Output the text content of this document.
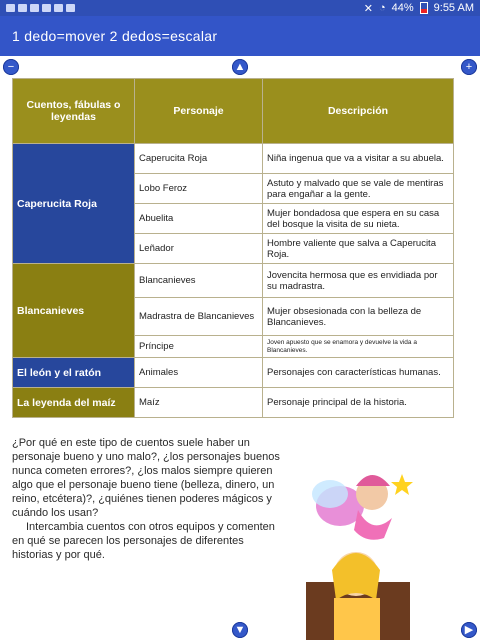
✕ ◔ 44% 9:55 AM
1 dedo=mover 2 dedos=escalar
−	▲	+
Cuentos, fábulas o leyendas	Personaje	Descripción
Caperucita Roja	Caperucita Roja	Niña ingenua que va a visitar a su abuela.
	Lobo Feroz	Astuto y malvado que se vale de mentiras para engañar a la gente.
	Abuelita	Mujer bondadosa que espera en su casa del bosque la visita de su nieta.
	Leñador	Hombre valiente que salva a Caperucita Roja.
Blancanieves	Blancanieves	Jovencita hermosa que es envidiada por su madrastra.
	Madrastra de Blancanieves	Mujer obsesionada con la belleza de Blancanieves.
	Príncipe	Joven apuesto que se enamora y devuelve la vida a Blancanieves.
El león y el ratón	Animales	Personajes con características humanas.
La leyenda del maíz	Maíz	Personaje principal de la historia.

¿Por qué en este tipo de cuentos suele haber un personaje bueno y uno malo?, ¿los personajes buenos nunca cometen errores?, ¿los malos siempre quieren algo que el personaje bueno tiene (belleza, dinero, un reino, etcétera)?, ¿quiénes tienen poderes mágicos y cuándo los usan?

Intercambia cuentos con otros equipos y comenten en qué se parecen los personajes de diferentes historias y por qué.

▼	▶
